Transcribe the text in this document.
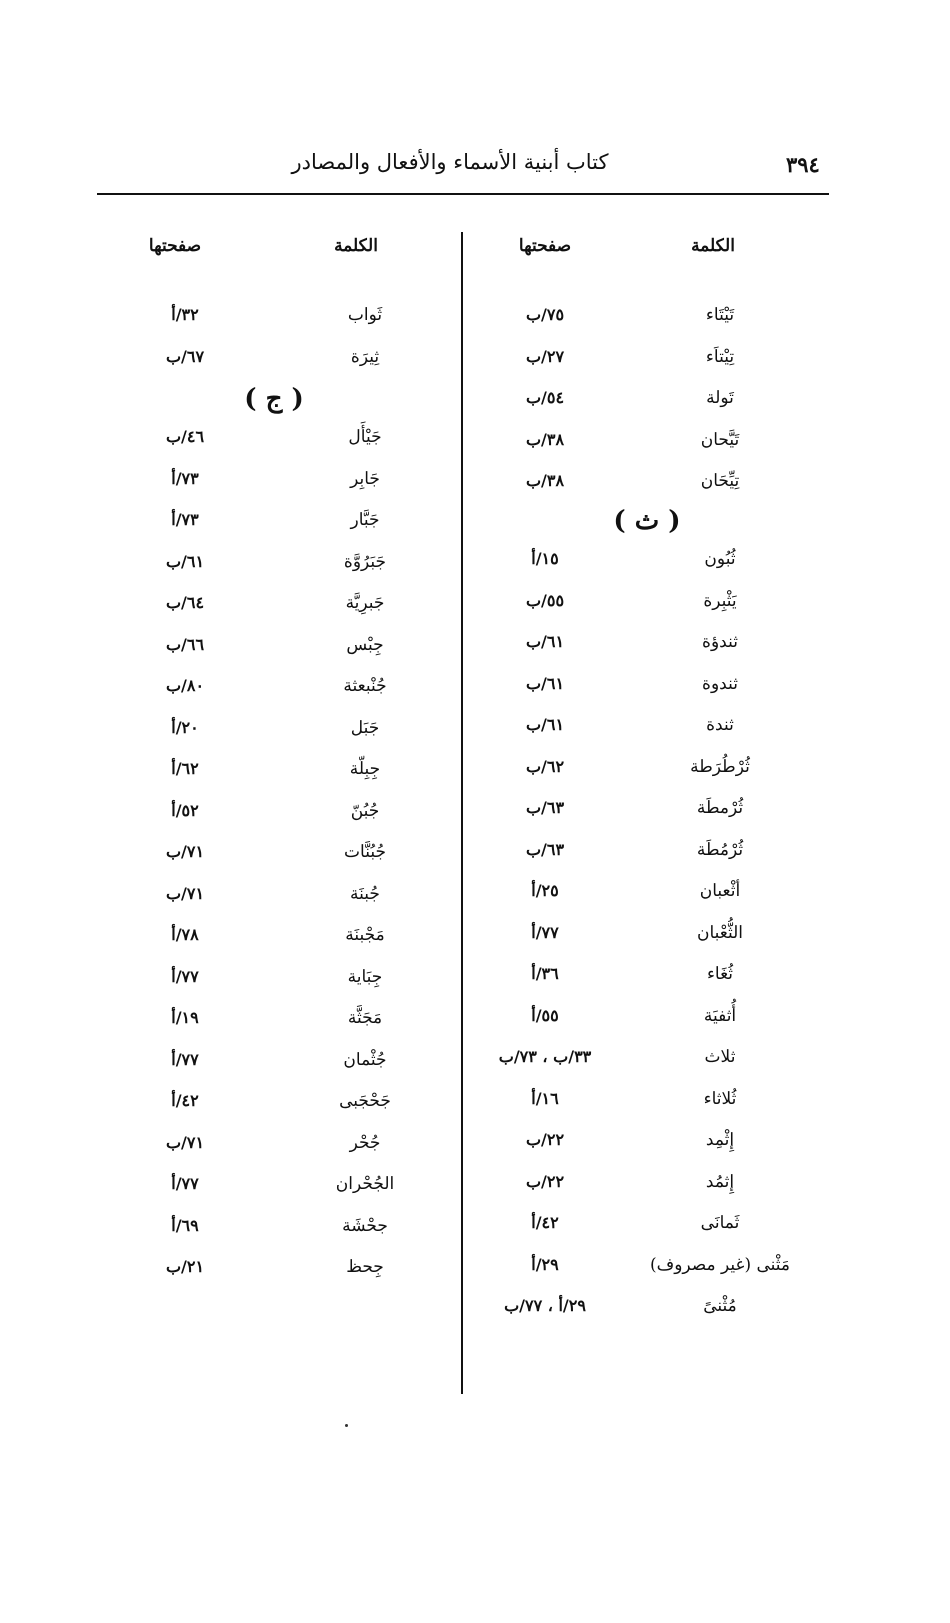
٣٩٤
كتاب أبنية الأسماء والأفعال والمصادر
الكلمة
صفحتها
الكلمة
صفحتها
( ث )
( ج )
تَيْتَاء
٧٥/ب
تِيْتاَء
٢٧/ب
تَولة
٥٤/ب
تَيَّحان
٣٨/ب
تِيِّحَان
٣٨/ب
ثُبُون
١٥/أ
يَثْبِرة
٥٥/ب
ثندؤة
٦١/ب
ثندوة
٦١/ب
ثندة
٦١/ب
ثُرْطُرَطة
٦٢/ب
ثُرْمطَة
٦٣/ب
ثُرْمُطَة
٦٣/ب
أثْعبان
٢٥/أ
الثُّعْبان
٧٧/أ
ثُغَاء
٣٦/أ
أُثفيَة
٥٥/أ
ثلاث
٣٣/ب ، ٧٣/ب
ثُلاثاء
١٦/أ
إِثْمِد
٢٢/ب
إِثمُد
٢٢/ب
ثَمانَى
٤٢/أ
مَثْنى (غير مصروف)
٢٩/أ
مُثْنىً
٢٩/أ ، ٧٧/ب
ثَواب
٣٢/أ
ثِيرَة
٦٧/ب
جَيْأَل
٤٦/ب
جَابِر
٧٣/أ
جَبَّار
٧٣/أ
جَبَرُوَّة
٦١/ب
جَبرِيَّة
٦٤/ب
جِبْس
٦٦/ب
جُنْبعثة
٨٠/ب
جَبَل
٢٠/أ
جِبِلّة
٦٢/أ
جُبُنّ
٥٢/أ
جُبُنَّات
٧١/ب
جُبنَة
٧١/ب
مَجْبنَة
٧٨/أ
جِبَاية
٧٧/أ
مَجَثَّة
١٩/أ
جُثْمان
٧٧/أ
جَحْجَبى
٤٢/أ
جُحْر
٧١/ب
الجُحْران
٧٧/أ
جحْشَة
٦٩/أ
جِحظ
٢١/ب
